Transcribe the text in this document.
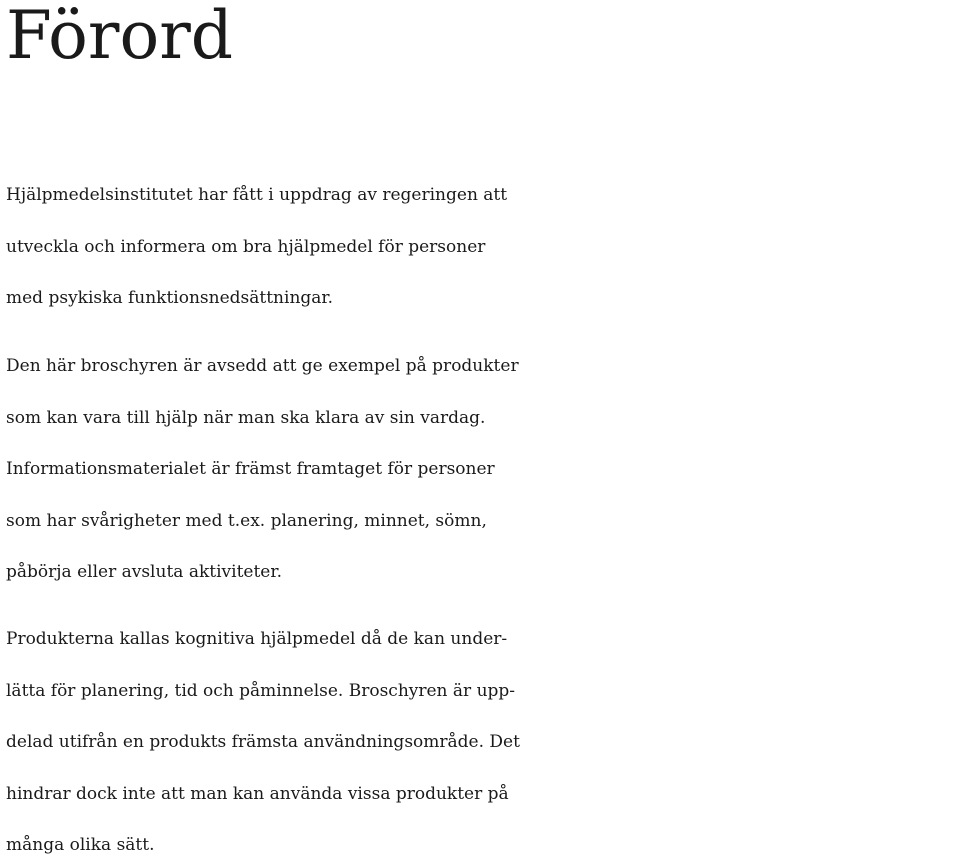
Förord

Hjälpmedelsinstitutet har fått i uppdrag av regeringen att
utveckla och informera om bra hjälpmedel för personer
med psykiska funktionsnedsättningar.

Den här broschyren är avsedd att ge exempel på produkter
som kan vara till hjälp när man ska klara av sin vardag.
Informationsmaterialet är främst framtaget för personer
som har svårigheter med t.ex. planering, minnet, sömn,
påbörja eller avsluta aktiviteter.

Produkterna kallas kognitiva hjälpmedel då de kan under-
lätta för planering, tid och påminnelse. Broschyren är upp-
delad utifrån en produkts främsta användningsområde. Det
hindrar dock inte att man kan använda vissa produkter på
många olika sätt.
